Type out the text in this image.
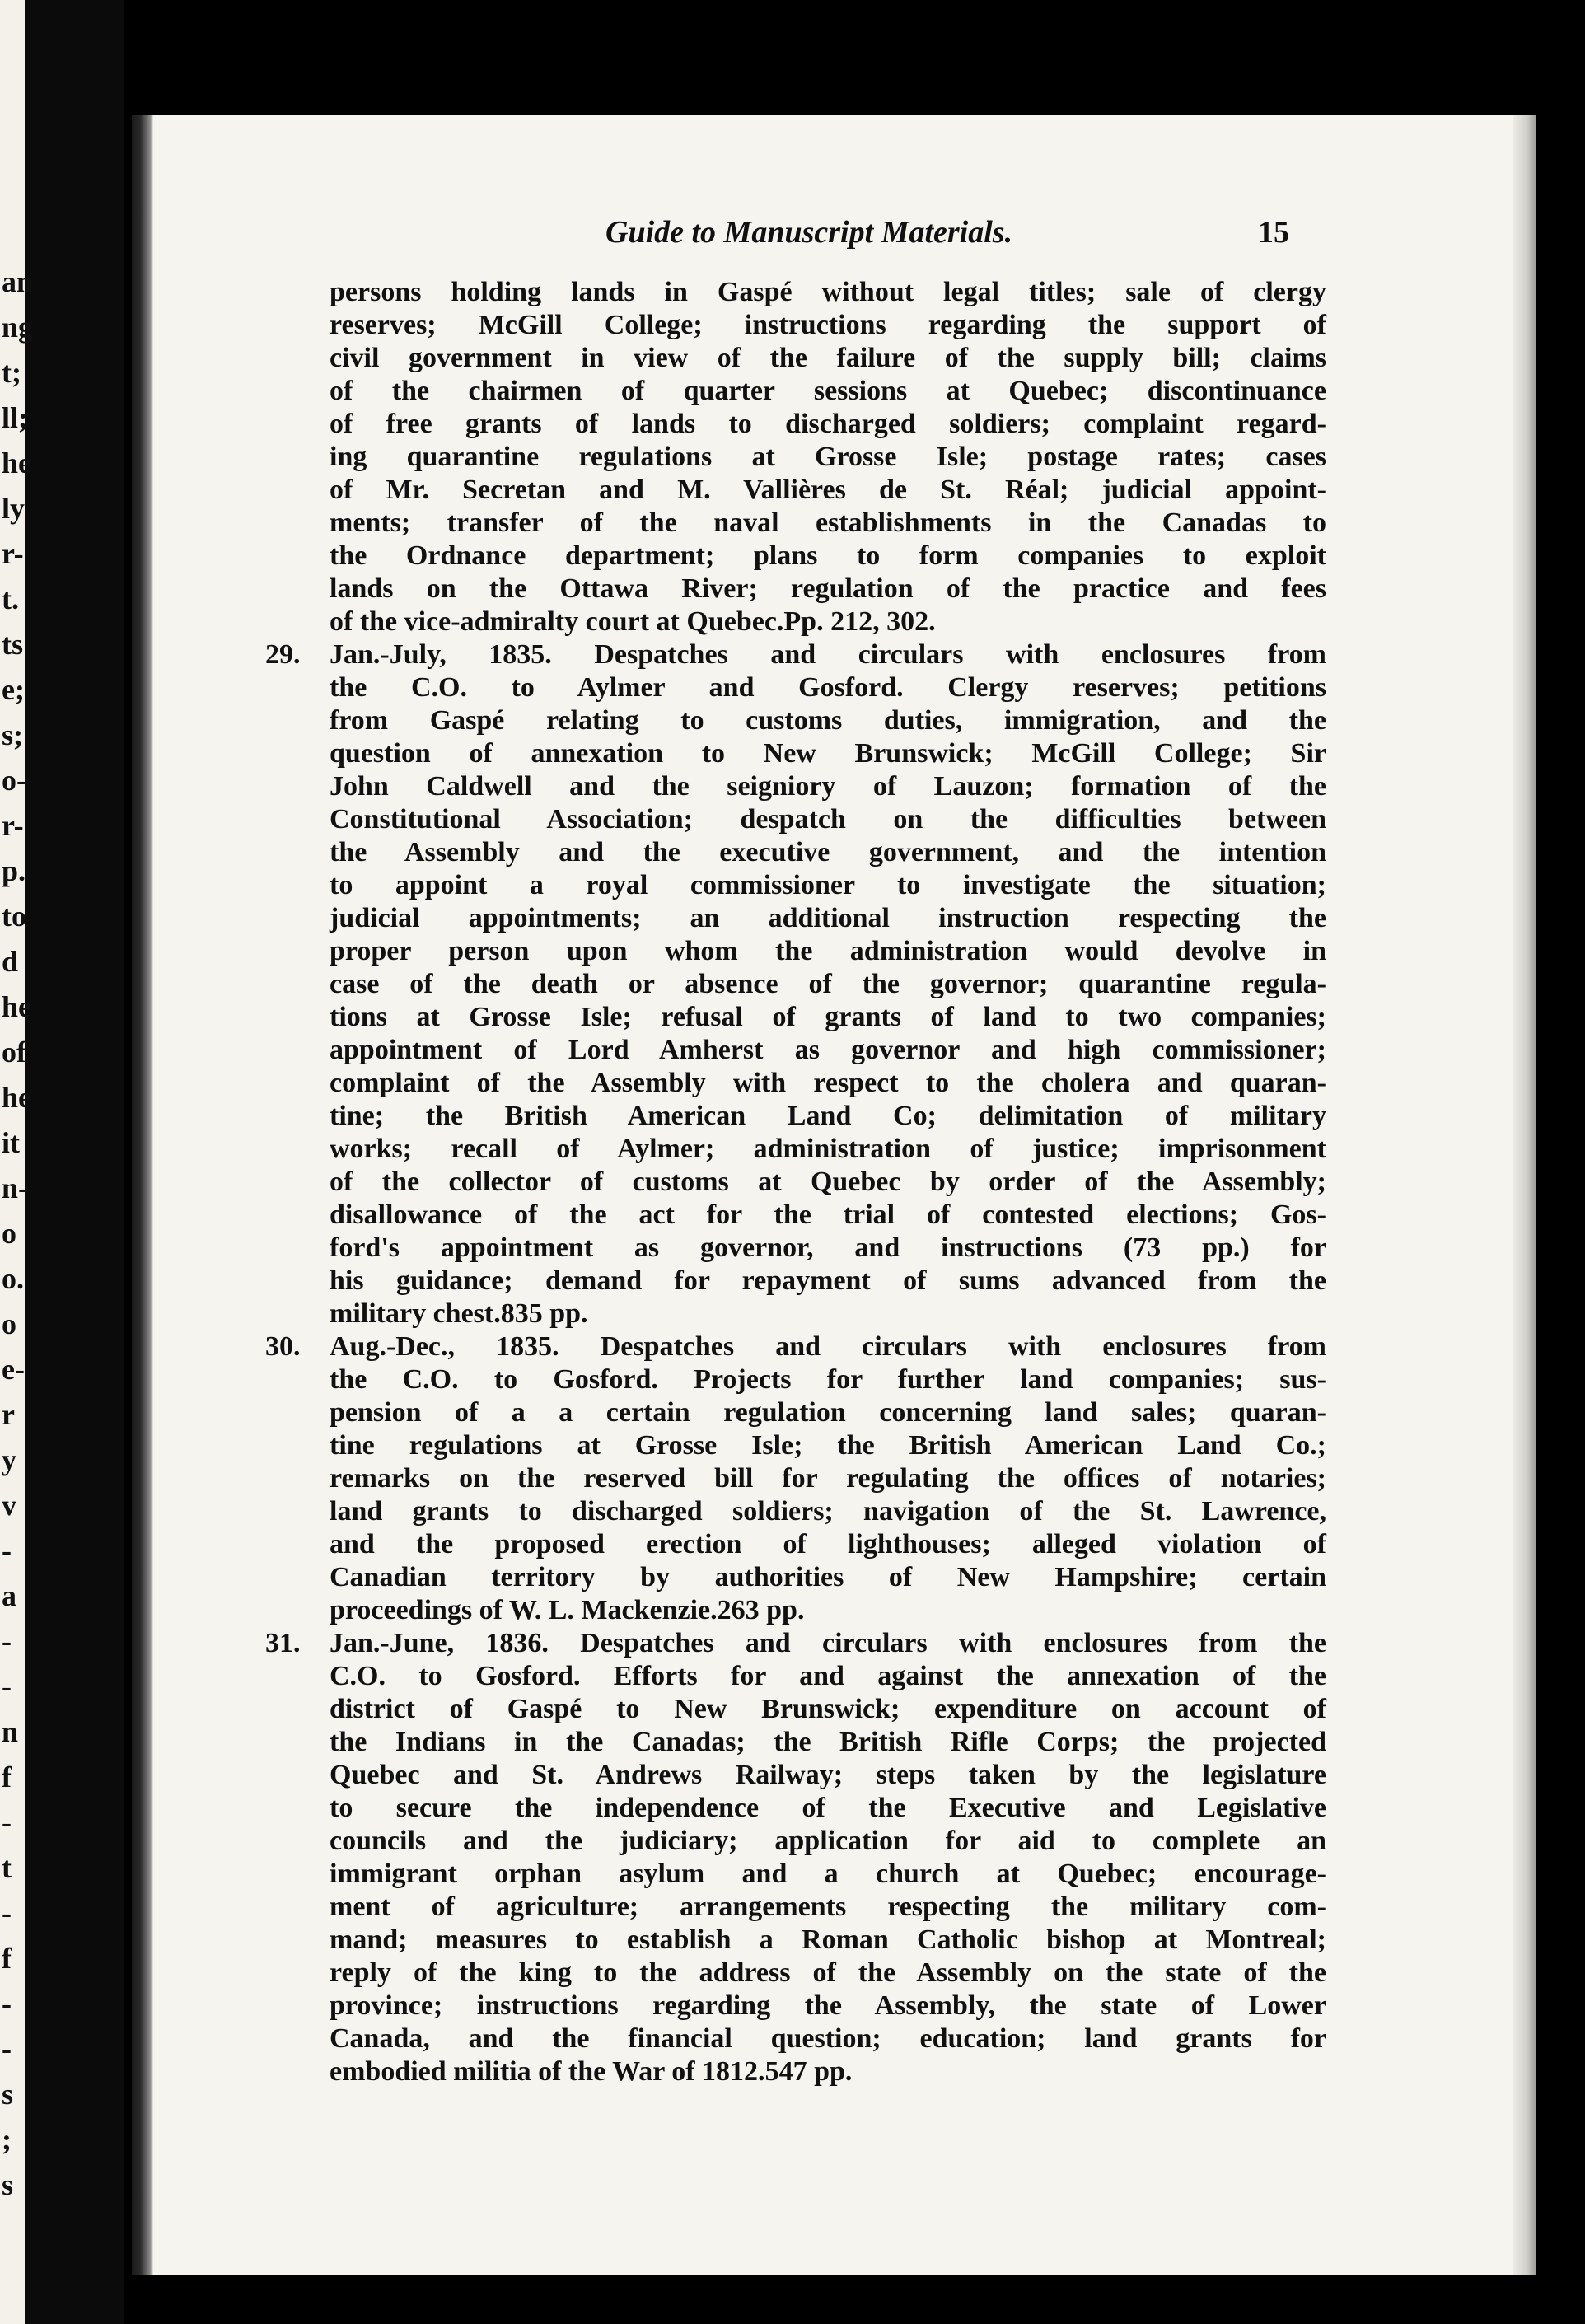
an
ng
t;
ll;
he
ly
r-
t.
ts
e;
s;
o-
r-
p.
to
d
he
of
he
it
n-
o
o.
o
e-
r
y
v
-
a
-
-
n
f
-
t
-
f
-
-
s
;
s
Guide to Manuscript Materials.	15
persons holding lands in Gaspé without legal titles; sale of clergy
reserves; McGill College; instructions regarding the support of
civil government in view of the failure of the supply bill; claims
of the chairmen of quarter sessions at Quebec; discontinuance
of free grants of lands to discharged soldiers; complaint regard-
ing quarantine regulations at Grosse Isle; postage rates; cases
of Mr. Secretan and M. Vallières de St. Réal; judicial appoint-
ments; transfer of the naval establishments in the Canadas to
the Ordnance department; plans to form companies to exploit
lands on the Ottawa River; regulation of the practice and fees
of the vice-admiralty court at Quebec.Pp. 212, 302.
29. Jan.-July, 1835. Despatches and circulars with enclosures from
the C.O. to Aylmer and Gosford. Clergy reserves; petitions
from Gaspé relating to customs duties, immigration, and the
question of annexation to New Brunswick; McGill College; Sir
John Caldwell and the seigniory of Lauzon; formation of the
Constitutional Association; despatch on the difficulties between
the Assembly and the executive government, and the intention
to appoint a royal commissioner to investigate the situation;
judicial appointments; an additional instruction respecting the
proper person upon whom the administration would devolve in
case of the death or absence of the governor; quarantine regula-
tions at Grosse Isle; refusal of grants of land to two companies;
appointment of Lord Amherst as governor and high commissioner;
complaint of the Assembly with respect to the cholera and quaran-
tine; the British American Land Co; delimitation of military
works; recall of Aylmer; administration of justice; imprisonment
of the collector of customs at Quebec by order of the Assembly;
disallowance of the act for the trial of contested elections; Gos-
ford's appointment as governor, and instructions (73 pp.) for
his guidance; demand for repayment of sums advanced from the
military chest.835 pp.
30. Aug.-Dec., 1835. Despatches and circulars with enclosures from
the C.O. to Gosford. Projects for further land companies; sus-
pension of a a certain regulation concerning land sales; quaran-
tine regulations at Grosse Isle; the British American Land Co.;
remarks on the reserved bill for regulating the offices of notaries;
land grants to discharged soldiers; navigation of the St. Lawrence,
and the proposed erection of lighthouses; alleged violation of
Canadian territory by authorities of New Hampshire; certain
proceedings of W. L. Mackenzie.263 pp.
31. Jan.-June, 1836. Despatches and circulars with enclosures from the
C.O. to Gosford. Efforts for and against the annexation of the
district of Gaspé to New Brunswick; expenditure on account of
the Indians in the Canadas; the British Rifle Corps; the projected
Quebec and St. Andrews Railway; steps taken by the legislature
to secure the independence of the Executive and Legislative
councils and the judiciary; application for aid to complete an
immigrant orphan asylum and a church at Quebec; encourage-
ment of agriculture; arrangements respecting the military com-
mand; measures to establish a Roman Catholic bishop at Montreal;
reply of the king to the address of the Assembly on the state of the
province; instructions regarding the Assembly, the state of Lower
Canada, and the financial question; education; land grants for
embodied militia of the War of 1812.547 pp.
